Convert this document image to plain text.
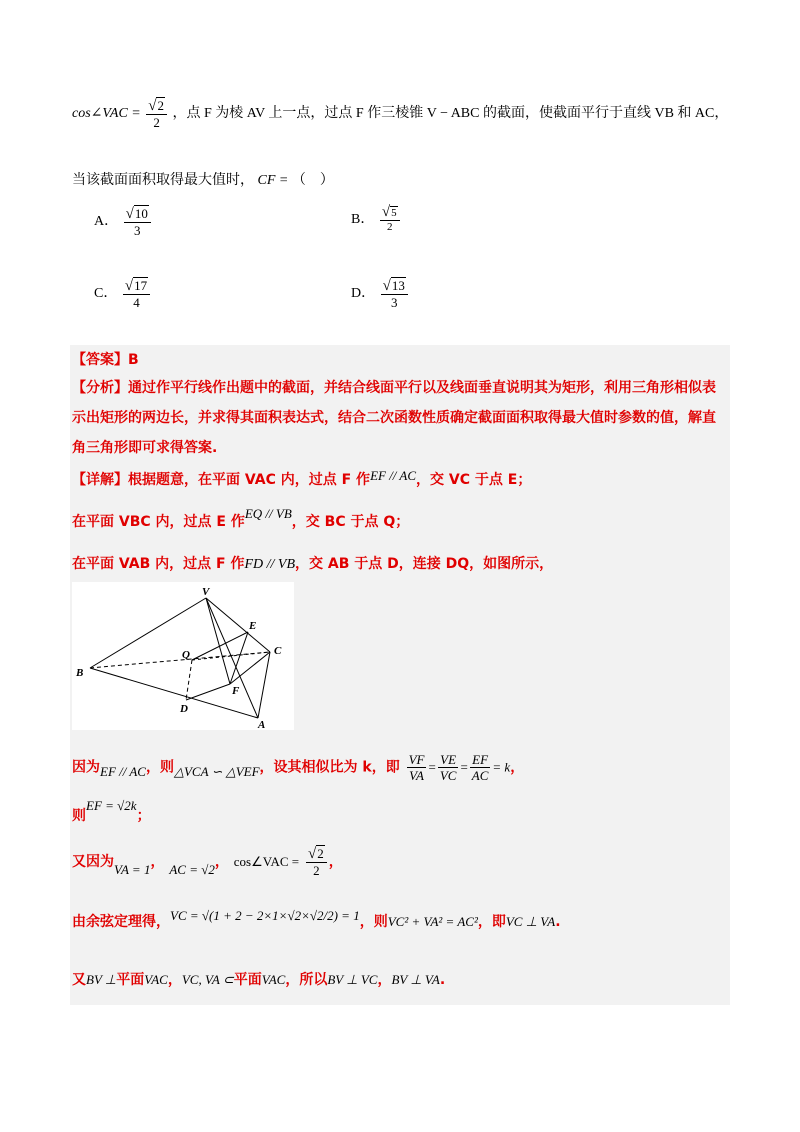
cos∠VAC = $\frac{√2}{2}$ ，点 F 为棱 AV 上一点，过点 F 作三棱锥 V − ABC 的截面，使截面平行于直线 VB 和 AC，
当该截面面积取得最大值时， CF = （　）
A． $\frac{√10}{3}$	B． $\frac{√5}{2}$
C． $\frac{√17}{4}$	D． $\frac{√13}{3}$
【答案】B
【分析】通过作平行线作出题中的截面，并结合线面平行以及线面垂直说明其为矩形，利用三角形相似表
示出矩形的两边长，并求得其面积表达式，结合二次函数性质确定截面面积取得最大值时参数的值，解直
角三角形即可求得答案.
【详解】根据题意，在平面 VAC 内，过点 F 作EF // AC，交 VC 于点 E；
在平面 VBC 内，过点 E 作EQ // VB，交 BC 于点 Q；
在平面 VAB 内，过点 F 作FD // VB，交 AB 于点 D，连接 DQ，如图所示，
V
E
C
Q
B
F
D
A
因为EF // AC，则△VCA ∽ △VEF，设其相似比为 k，即 $\frac{VF}{VA} = \frac{VE}{VC} = \frac{EF}{AC} = k$，
则EF = √2k；
又因为VA = 1， AC = √2， cos∠VAC = $\frac{√2}{2}$ ，
由余弦定理得，VC = √(1 + 2 − 2×1×√2×√2/2) = 1，则VC² + VA² = AC²，即VC ⊥ VA.
又BV ⊥平面VAC，VC, VA ⊂平面VAC，所以BV ⊥ VC，BV ⊥ VA.
